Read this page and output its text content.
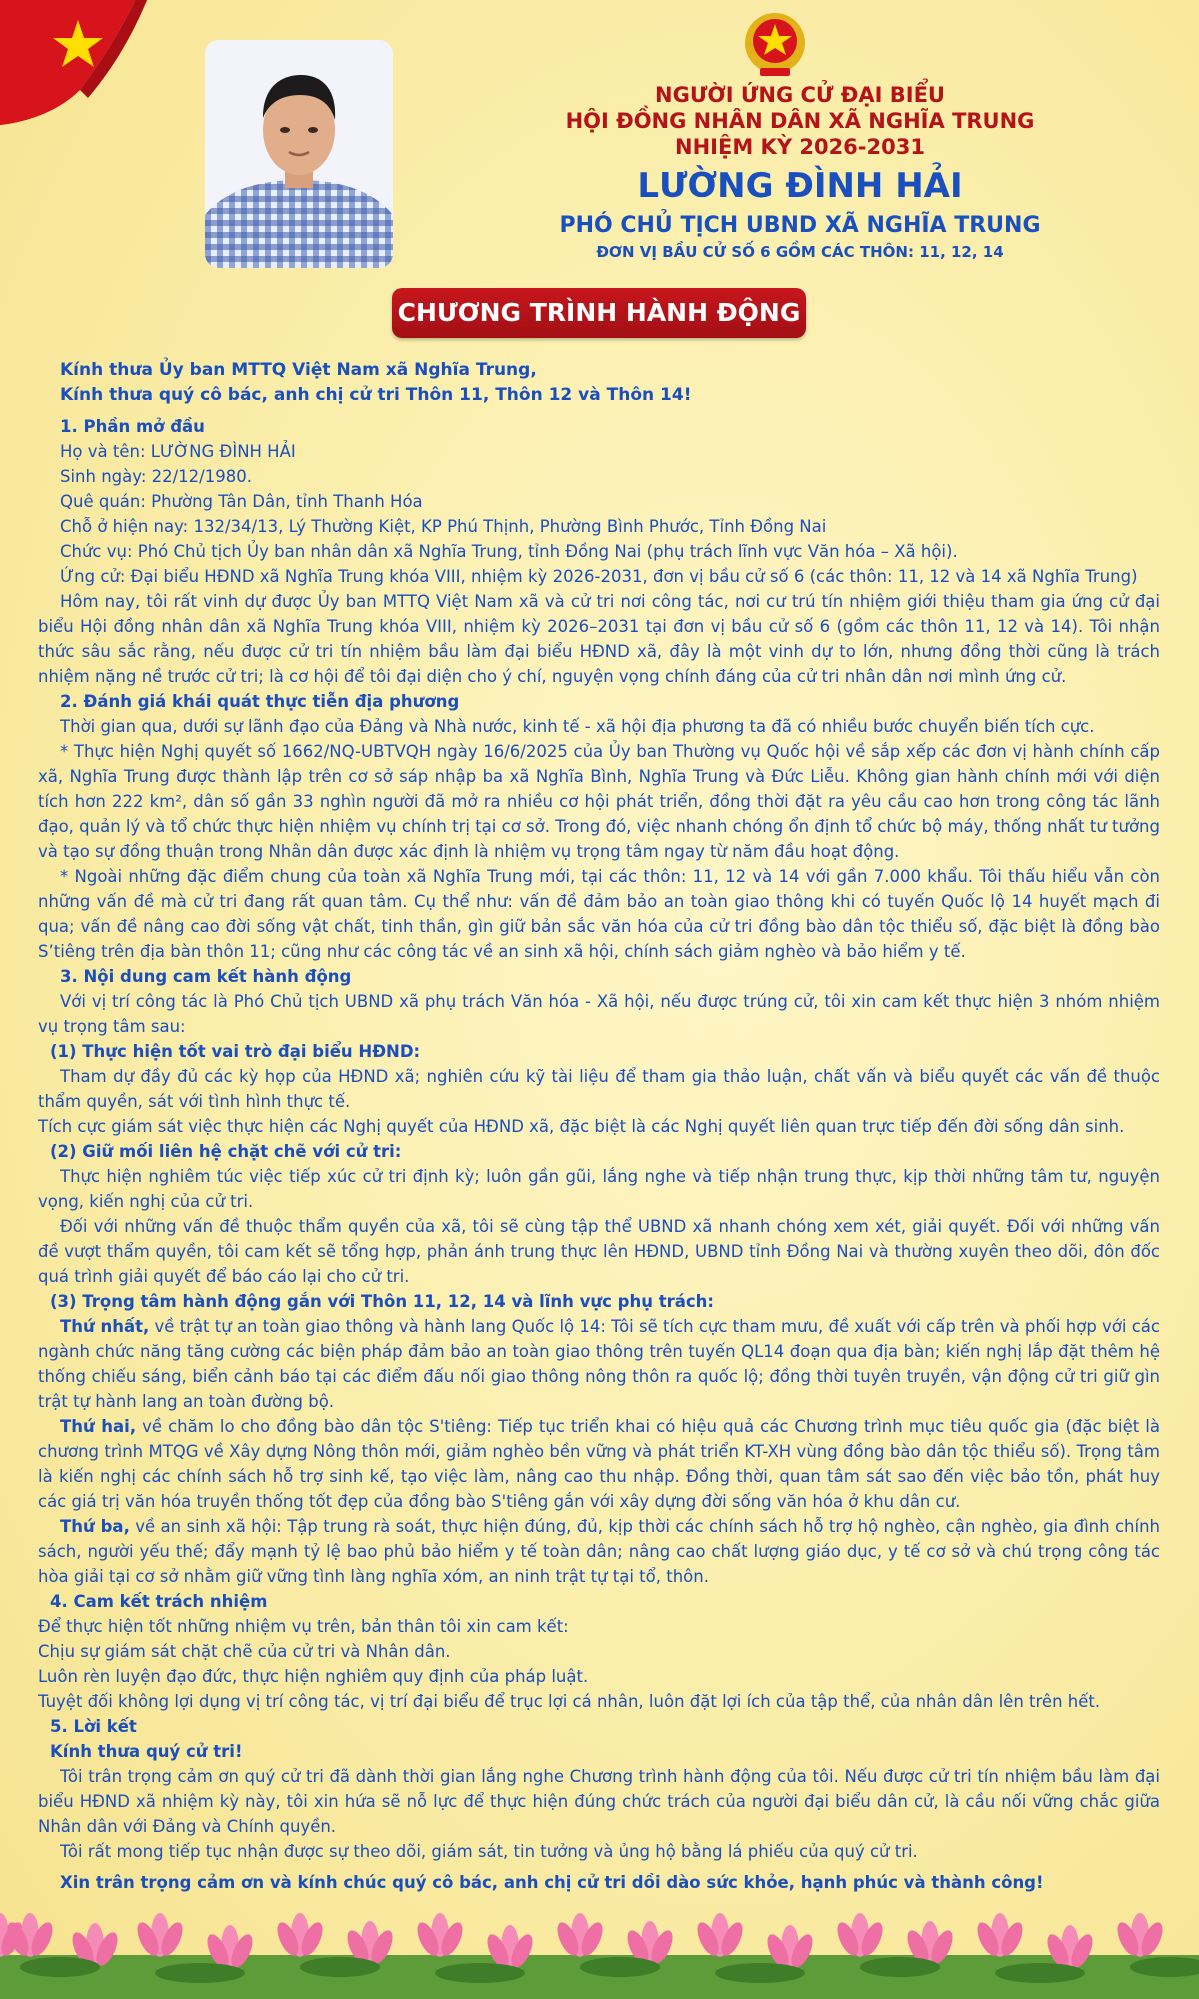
NGƯỜI ỨNG CỬ ĐẠI BIỂU
HỘI ĐỒNG NHÂN DÂN XÃ NGHĨA TRUNG
NHIỆM KỲ 2026-2031
LƯỜNG ĐÌNH HẢI
PHÓ CHỦ TỊCH UBND XÃ NGHĨA TRUNG
ĐƠN VỊ BẦU CỬ SỐ 6 GỒM CÁC THÔN: 11, 12, 14
CHƯƠNG TRÌNH HÀNH ĐỘNG

Kính thưa Ủy ban MTTQ Việt Nam xã Nghĩa Trung,

Kính thưa quý cô bác, anh chị cử tri Thôn 11, Thôn 12 và Thôn 14!

1. Phần mở đầu

Họ và tên: LƯỜNG ĐÌNH HẢI

Sinh ngày: 22/12/1980.

Quê quán: Phường Tân Dân, tỉnh Thanh Hóa

Chỗ ở hiện nay: 132/34/13, Lý Thường Kiệt, KP Phú Thịnh, Phường Bình Phước, Tỉnh Đồng Nai

Chức vụ: Phó Chủ tịch Ủy ban nhân dân xã Nghĩa Trung, tỉnh Đồng Nai (phụ trách lĩnh vực Văn hóa – Xã hội).

Ứng cử: Đại biểu HĐND xã Nghĩa Trung khóa VIII, nhiệm kỳ 2026-2031, đơn vị bầu cử số 6 (các thôn: 11, 12 và 14 xã Nghĩa Trung)

Hôm nay, tôi rất vinh dự được Ủy ban MTTQ Việt Nam xã và cử tri nơi công tác, nơi cư trú tín nhiệm giới thiệu tham gia ứng cử đại biểu Hội đồng nhân dân xã Nghĩa Trung khóa VIII, nhiệm kỳ 2026–2031 tại đơn vị bầu cử số 6 (gồm các thôn 11, 12 và 14). Tôi nhận thức sâu sắc rằng, nếu được cử tri tín nhiệm bầu làm đại biểu HĐND xã, đây là một vinh dự to lớn, nhưng đồng thời cũng là trách nhiệm nặng nề trước cử tri; là cơ hội để tôi đại diện cho ý chí, nguyện vọng chính đáng của cử tri nhân dân nơi mình ứng cử.

2. Đánh giá khái quát thực tiễn địa phương

Thời gian qua, dưới sự lãnh đạo của Đảng và Nhà nước, kinh tế - xã hội địa phương ta đã có nhiều bước chuyển biến tích cực.

* Thực hiện Nghị quyết số 1662/NQ-UBTVQH ngày 16/6/2025 của Ủy ban Thường vụ Quốc hội về sắp xếp các đơn vị hành chính cấp xã, Nghĩa Trung được thành lập trên cơ sở sáp nhập ba xã Nghĩa Bình, Nghĩa Trung và Đức Liễu. Không gian hành chính mới với diện tích hơn 222 km², dân số gần 33 nghìn người đã mở ra nhiều cơ hội phát triển, đồng thời đặt ra yêu cầu cao hơn trong công tác lãnh đạo, quản lý và tổ chức thực hiện nhiệm vụ chính trị tại cơ sở. Trong đó, việc nhanh chóng ổn định tổ chức bộ máy, thống nhất tư tưởng và tạo sự đồng thuận trong Nhân dân được xác định là nhiệm vụ trọng tâm ngay từ năm đầu hoạt động.

* Ngoài những đặc điểm chung của toàn xã Nghĩa Trung mới, tại các thôn: 11, 12 và 14 với gần 7.000 khẩu. Tôi thấu hiểu vẫn còn những vấn đề mà cử tri đang rất quan tâm. Cụ thể như: vấn đề đảm bảo an toàn giao thông khi có tuyến Quốc lộ 14 huyết mạch đi qua; vấn đề nâng cao đời sống vật chất, tinh thần, gìn giữ bản sắc văn hóa của cử tri đồng bào dân tộc thiểu số, đặc biệt là đồng bào S’tiêng trên địa bàn thôn 11; cũng như các công tác về an sinh xã hội, chính sách giảm nghèo và bảo hiểm y tế.

3. Nội dung cam kết hành động

Với vị trí công tác là Phó Chủ tịch UBND xã phụ trách Văn hóa - Xã hội, nếu được trúng cử, tôi xin cam kết thực hiện 3 nhóm nhiệm vụ trọng tâm sau:

(1) Thực hiện tốt vai trò đại biểu HĐND:

Tham dự đầy đủ các kỳ họp của HĐND xã; nghiên cứu kỹ tài liệu để tham gia thảo luận, chất vấn và biểu quyết các vấn đề thuộc thẩm quyền, sát với tình hình thực tế.

Tích cực giám sát việc thực hiện các Nghị quyết của HĐND xã, đặc biệt là các Nghị quyết liên quan trực tiếp đến đời sống dân sinh.

(2) Giữ mối liên hệ chặt chẽ với cử tri:

Thực hiện nghiêm túc việc tiếp xúc cử tri định kỳ; luôn gần gũi, lắng nghe và tiếp nhận trung thực, kịp thời những tâm tư, nguyện vọng, kiến nghị của cử tri.

Đối với những vấn đề thuộc thẩm quyền của xã, tôi sẽ cùng tập thể UBND xã nhanh chóng xem xét, giải quyết. Đối với những vấn đề vượt thẩm quyền, tôi cam kết sẽ tổng hợp, phản ánh trung thực lên HĐND, UBND tỉnh Đồng Nai và thường xuyên theo dõi, đôn đốc quá trình giải quyết để báo cáo lại cho cử tri.

(3) Trọng tâm hành động gắn với Thôn 11, 12, 14 và lĩnh vực phụ trách:

Thứ nhất, về trật tự an toàn giao thông và hành lang Quốc lộ 14: Tôi sẽ tích cực tham mưu, đề xuất với cấp trên và phối hợp với các ngành chức năng tăng cường các biện pháp đảm bảo an toàn giao thông trên tuyến QL14 đoạn qua địa bàn; kiến nghị lắp đặt thêm hệ thống chiếu sáng, biển cảnh báo tại các điểm đấu nối giao thông nông thôn ra quốc lộ; đồng thời tuyên truyền, vận động cử tri giữ gìn trật tự hành lang an toàn đường bộ.

Thứ hai, về chăm lo cho đồng bào dân tộc S'tiêng: Tiếp tục triển khai có hiệu quả các Chương trình mục tiêu quốc gia (đặc biệt là chương trình MTQG về Xây dựng Nông thôn mới, giảm nghèo bền vững và phát triển KT-XH vùng đồng bào dân tộc thiểu số). Trọng tâm là kiến nghị các chính sách hỗ trợ sinh kế, tạo việc làm, nâng cao thu nhập. Đồng thời, quan tâm sát sao đến việc bảo tồn, phát huy các giá trị văn hóa truyền thống tốt đẹp của đồng bào S'tiêng gắn với xây dựng đời sống văn hóa ở khu dân cư.

Thứ ba, về an sinh xã hội: Tập trung rà soát, thực hiện đúng, đủ, kịp thời các chính sách hỗ trợ hộ nghèo, cận nghèo, gia đình chính sách, người yếu thế; đẩy mạnh tỷ lệ bao phủ bảo hiểm y tế toàn dân; nâng cao chất lượng giáo dục, y tế cơ sở và chú trọng công tác hòa giải tại cơ sở nhằm giữ vững tình làng nghĩa xóm, an ninh trật tự tại tổ, thôn.

4. Cam kết trách nhiệm

Để thực hiện tốt những nhiệm vụ trên, bản thân tôi xin cam kết:

Chịu sự giám sát chặt chẽ của cử tri và Nhân dân.

Luôn rèn luyện đạo đức, thực hiện nghiêm quy định của pháp luật.

Tuyệt đối không lợi dụng vị trí công tác, vị trí đại biểu để trục lợi cá nhân, luôn đặt lợi ích của tập thể, của nhân dân lên trên hết.

5. Lời kết

Kính thưa quý cử tri!

Tôi trân trọng cảm ơn quý cử tri đã dành thời gian lắng nghe Chương trình hành động của tôi. Nếu được cử tri tín nhiệm bầu làm đại biểu HĐND xã nhiệm kỳ này, tôi xin hứa sẽ nỗ lực để thực hiện đúng chức trách của người đại biểu dân cử, là cầu nối vững chắc giữa Nhân dân với Đảng và Chính quyền.

Tôi rất mong tiếp tục nhận được sự theo dõi, giám sát, tin tưởng và ủng hộ bằng lá phiếu của quý cử tri.

Xin trân trọng cảm ơn và kính chúc quý cô bác, anh chị cử tri dồi dào sức khỏe, hạnh phúc và thành công!
